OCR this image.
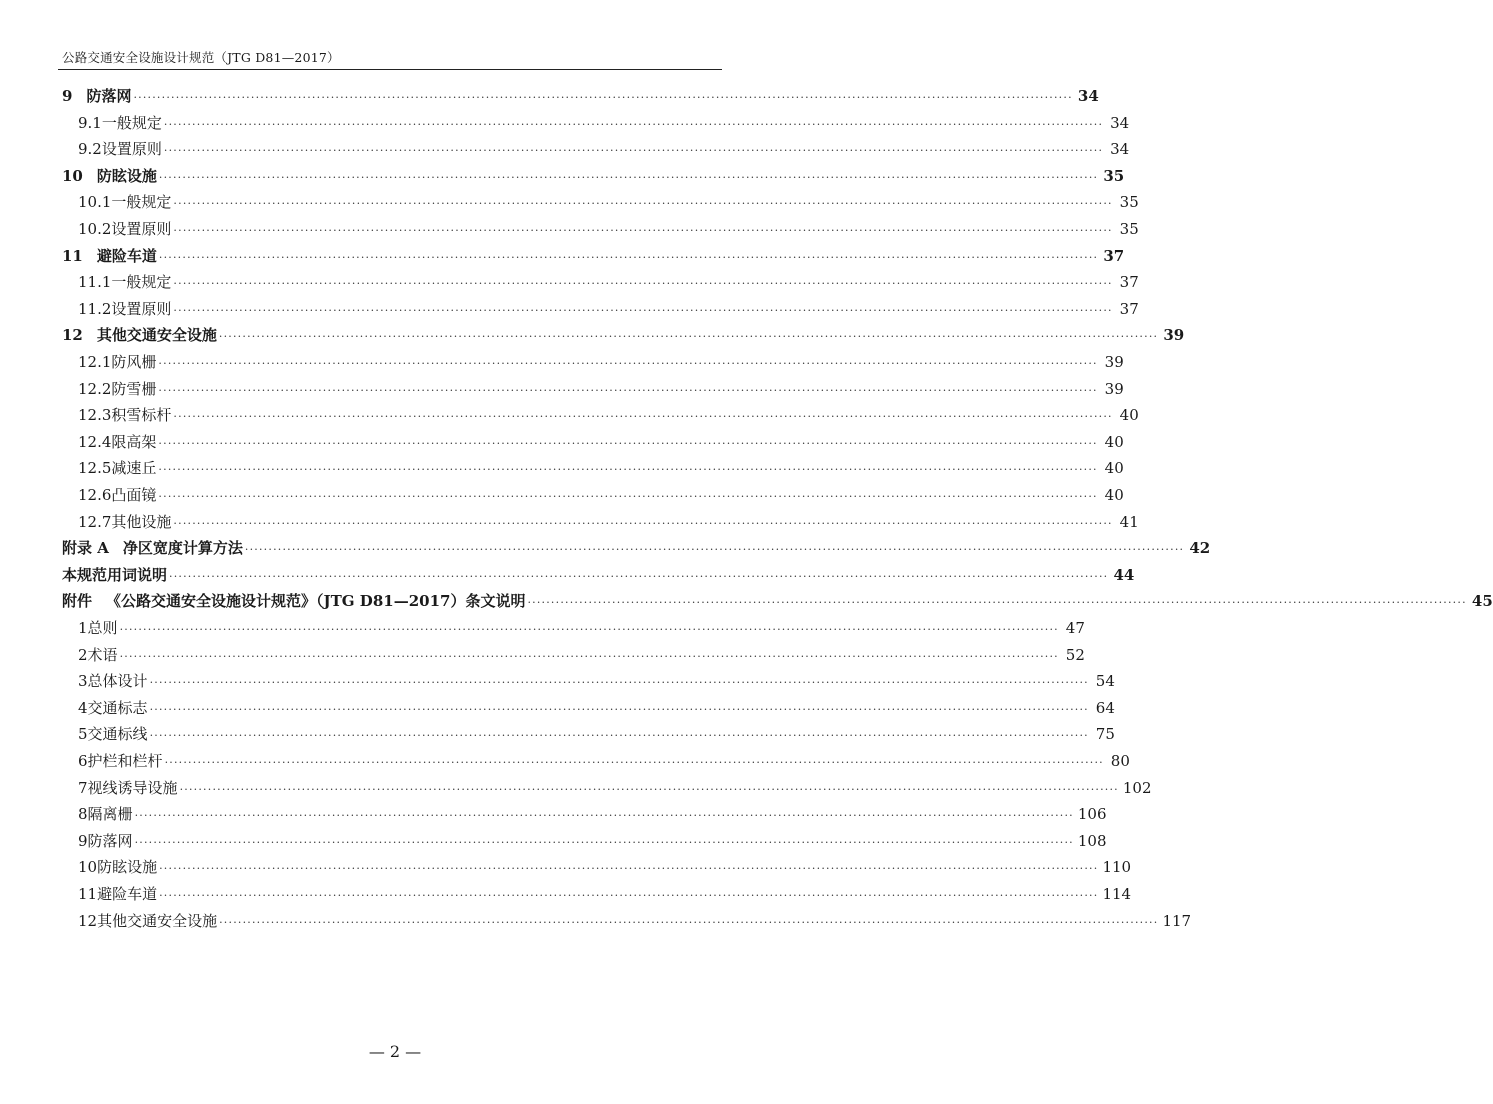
公路交通安全设施设计规范（JTG D81—2017）
9 防落网 ········································································································································································································ 34
9.1 一般规定 ········································································································································································································ 34
9.2 设置原则 ········································································································································································································ 34
10 防眩设施 ········································································································································································································ 35
10.1 一般规定 ········································································································································································································ 35
10.2 设置原则 ········································································································································································································ 35
11 避险车道 ········································································································································································································ 37
11.1 一般规定 ········································································································································································································ 37
11.2 设置原则 ········································································································································································································ 37
12 其他交通安全设施 ········································································································································································································ 39
12.1 防风栅 ········································································································································································································ 39
12.2 防雪栅 ········································································································································································································ 39
12.3 积雪标杆 ········································································································································································································ 40
12.4 限高架 ········································································································································································································ 40
12.5 减速丘 ········································································································································································································ 40
12.6 凸面镜 ········································································································································································································ 40
12.7 其他设施 ········································································································································································································ 41
附录 A 净区宽度计算方法 ········································································································································································································ 42
本规范用词说明 ········································································································································································································ 44
附件 《公路交通安全设施设计规范》（JTG D81—2017）条文说明 ········································································································································································································ 45
1 总则 ········································································································································································································ 47
2 术语 ········································································································································································································ 52
3 总体设计 ········································································································································································································ 54
4 交通标志 ········································································································································································································ 64
5 交通标线 ········································································································································································································ 75
6 护栏和栏杆 ········································································································································································································ 80
7 视线诱导设施 ········································································································································································································ 102
8 隔离栅 ········································································································································································································ 106
9 防落网 ········································································································································································································ 108
10 防眩设施 ········································································································································································································ 110
11 避险车道 ········································································································································································································ 114
12 其他交通安全设施 ········································································································································································································ 117
— 2 —
